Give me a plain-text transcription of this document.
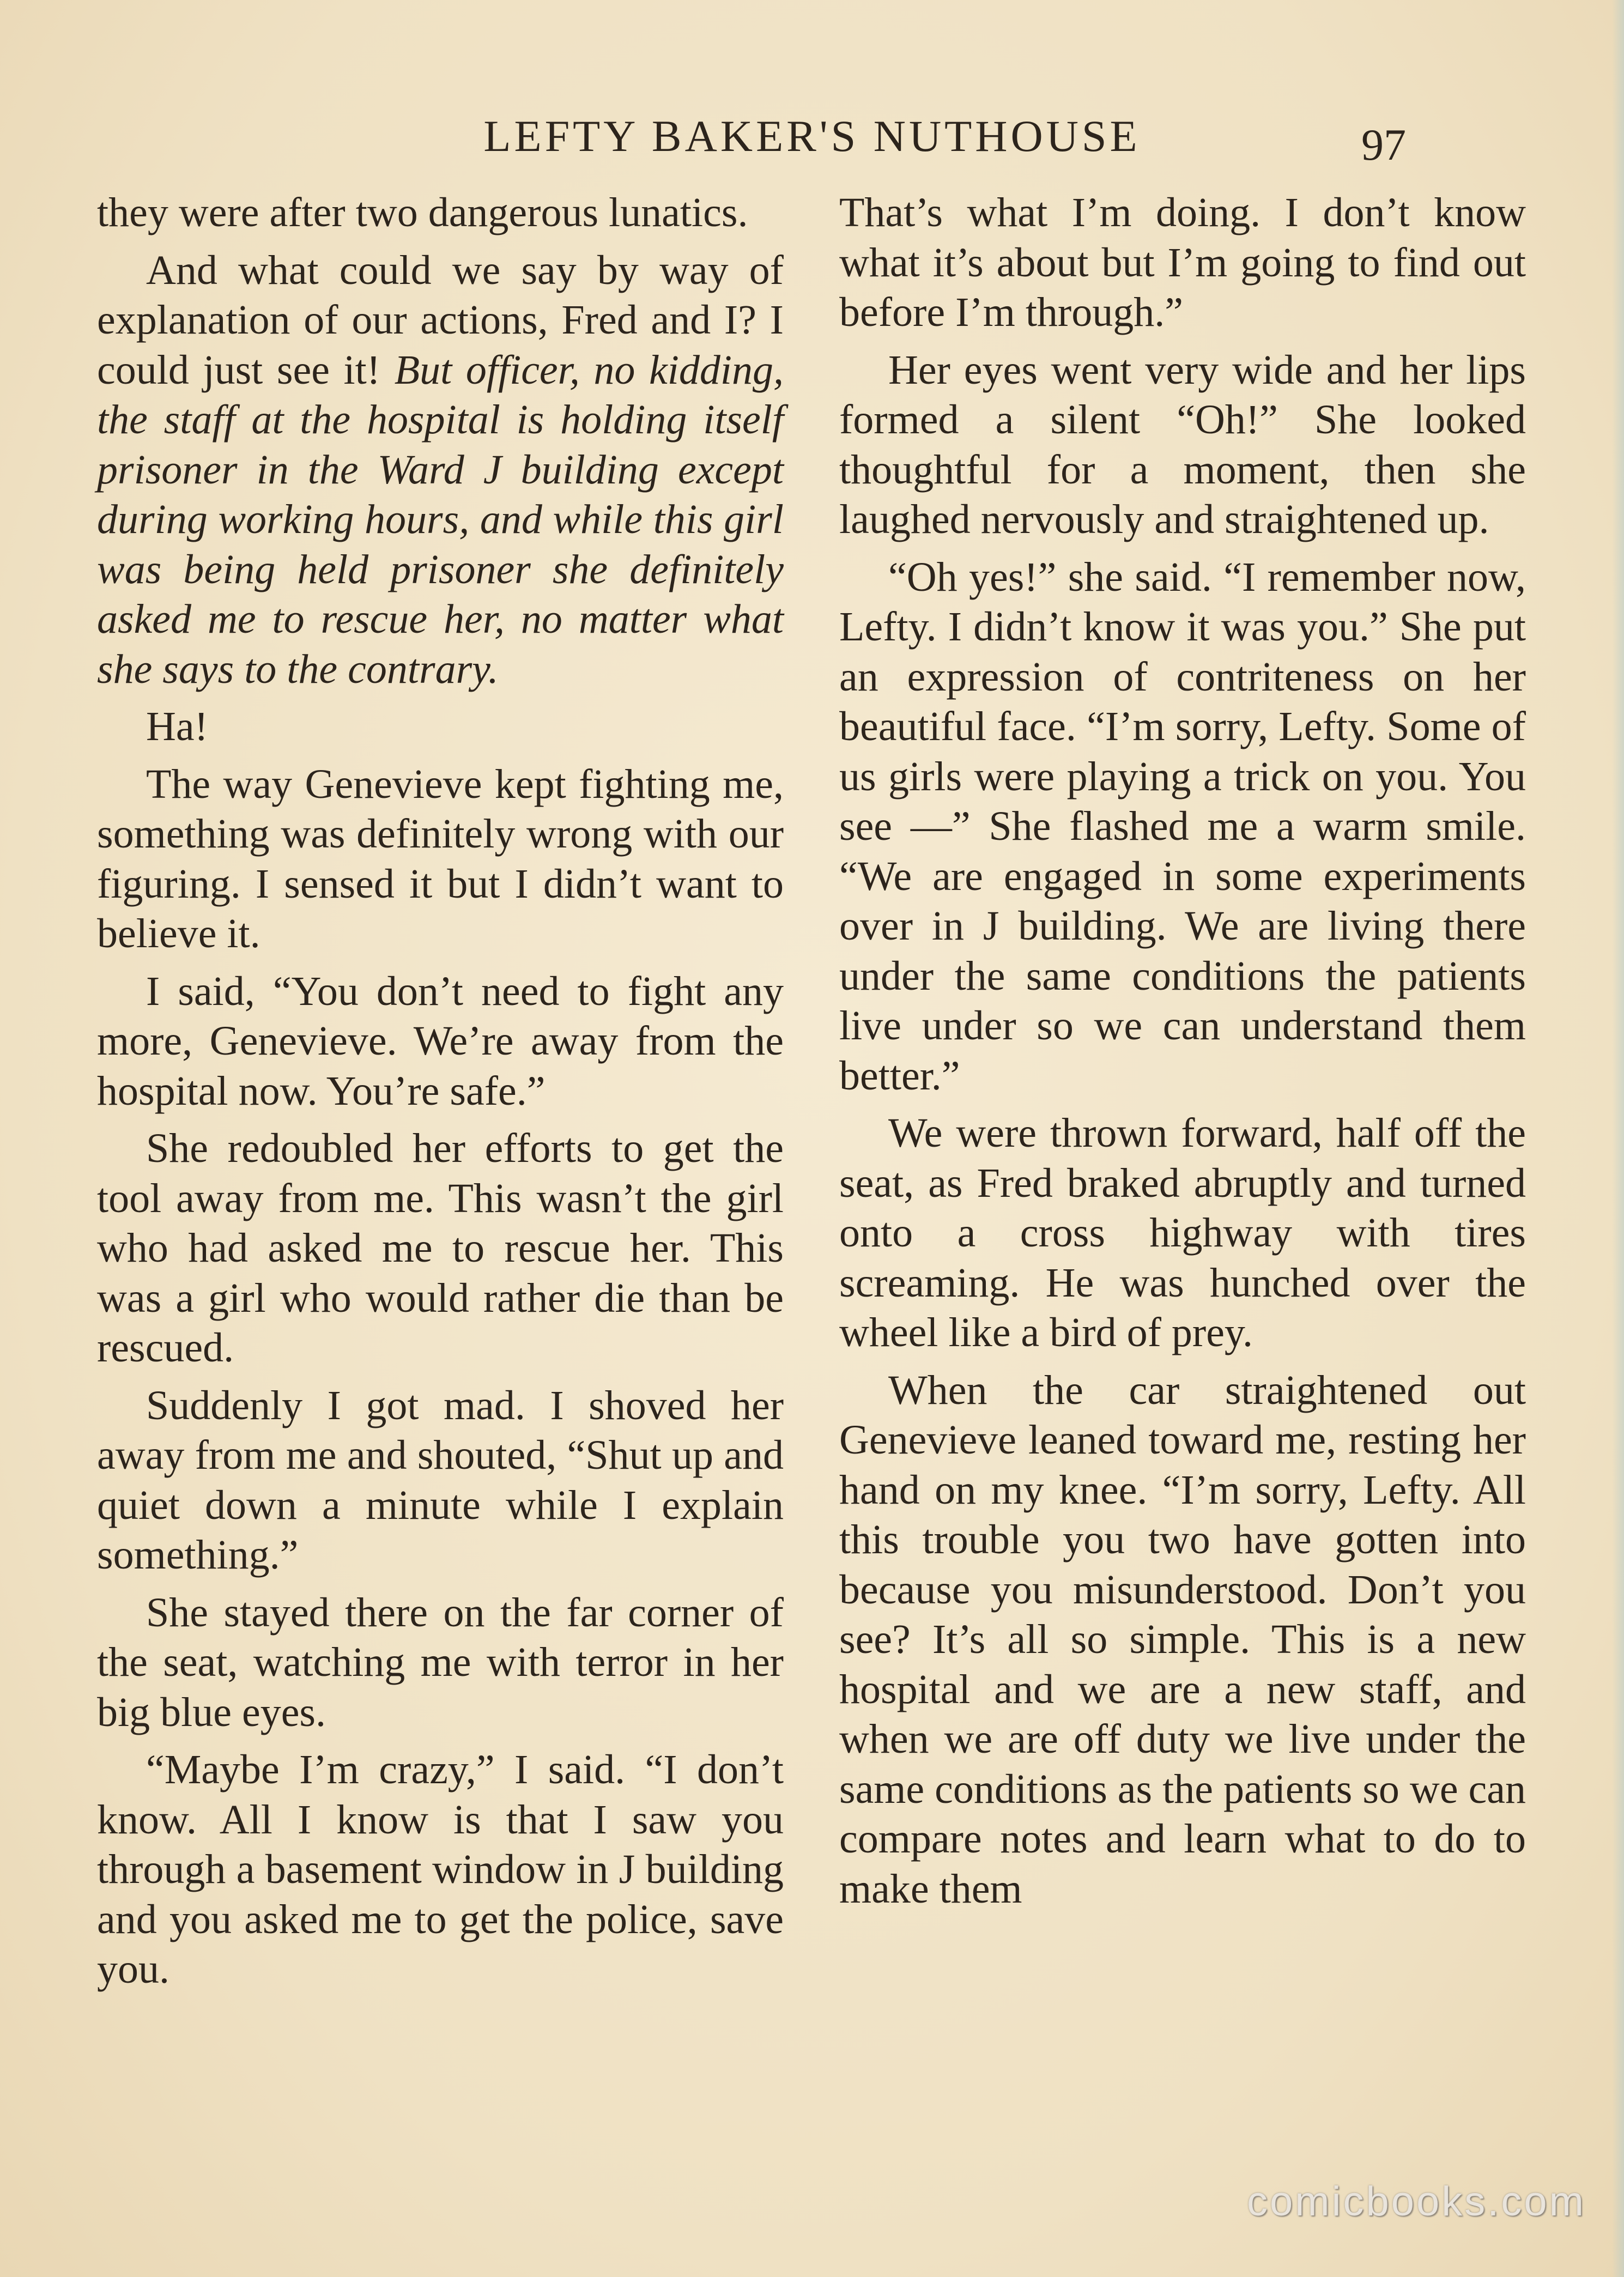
LEFTY BAKER'S NUTHOUSE	97

they were after two dangerous lunatics.

And what could we say by way of explanation of our actions, Fred and I? I could just see it! But officer, no kidding, the staff at the hospital is holding itself prisoner in the Ward J building except during working hours, and while this girl was being held prisoner she definitely asked me to rescue her, no matter what she says to the contrary.

Ha!

The way Genevieve kept fighting me, something was definitely wrong with our figuring. I sensed it but I didn’t want to believe it.

I said, “You don’t need to fight any more, Genevieve. We’re away from the hospital now. You’re safe.”

She redoubled her efforts to get the tool away from me. This wasn’t the girl who had asked me to rescue her. This was a girl who would rather die than be rescued.

Suddenly I got mad. I shoved her away from me and shouted, “Shut up and quiet down a minute while I explain something.”

She stayed there on the far corner of the seat, watching me with terror in her big blue eyes.

“Maybe I’m crazy,” I said. “I don’t know. All I know is that I saw you through a basement window in J building and you asked me to get the police, save you.

That’s what I’m doing. I don’t know what it’s about but I’m going to find out before I’m through.”

Her eyes went very wide and her lips formed a silent “Oh!” She looked thoughtful for a moment, then she laughed nervously and straightened up.

“Oh yes!” she said. “I remember now, Lefty. I didn’t know it was you.” She put an expression of contriteness on her beautiful face. “I’m sorry, Lefty. Some of us girls were playing a trick on you. You see —” She flashed me a warm smile. “We are engaged in some experiments over in J building. We are living there under the same conditions the patients live under so we can understand them better.”

We were thrown forward, half off the seat, as Fred braked abruptly and turned onto a cross highway with tires screaming. He was hunched over the wheel like a bird of prey.

When the car straightened out Genevieve leaned toward me, resting her hand on my knee. “I’m sorry, Lefty. All this trouble you two have gotten into because you misunderstood. Don’t you see? It’s all so simple. This is a new hospital and we are a new staff, and when we are off duty we live under the same conditions as the patients so we can compare notes and learn what to do to make them

comicbooks.com
